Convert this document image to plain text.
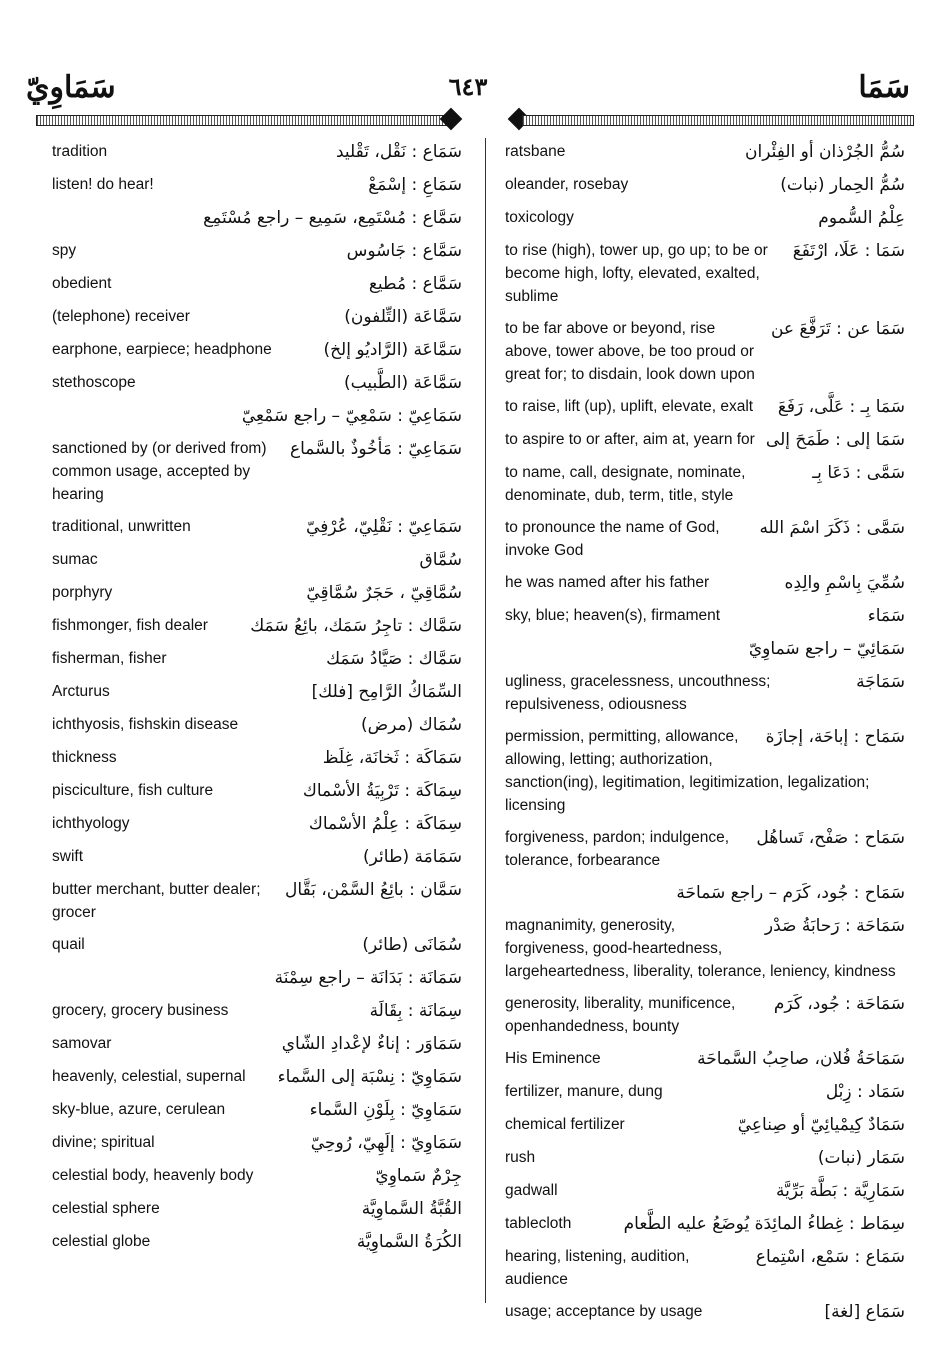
سَمَاوِيّ	٦٤٣	سَمَا
سَمَاع : نَقْل، تَقْليد
tradition
سَمَاعِ : إسْمَعْ
listen! do hear!
سَمَّاع : مُسْتَمِع، سَمِيع – راجع مُسْتَمِع
سَمَّاع : جَاسُوس
spy
سَمَّاع : مُطيع
obedient
سَمَّاعَة (التِّلفون)
(telephone) receiver
سَمَّاعَة (الرَّاديُو إلخ)
earphone, earpiece; headphone
سَمَّاعَة (الطَّبيب)
stethoscope
سَمَاعِيّ : سَمْعِيّ – راجع سَمْعِيّ
سَمَاعِيّ : مَأخُوذٌ بالسَّماع
sanctioned by (or derived from) common usage, accepted by hearing
سَمَاعِيّ : نَقْلِيّ، عُرْفِيّ
traditional, unwritten
سُمَّاق
sumac
سُمَّاقِيّ ، حَجَرٌ سُمَّاقِيّ
porphyry
سَمَّاك : تاجِرُ سَمَك، بائِعُ سَمَك
fishmonger, fish dealer
سَمَّاك : صَيَّادُ سَمَك
fisherman, fisher
السِّمَاكُ الرَّامِح [فلك]
Arcturus
سُمَاك (مرض)
ichthyosis, fishskin disease
سَمَاكَة : ثَخانَة، غِلَظ
thickness
سِمَاكَة : تَرْبِيَةُ الأسْماك
pisciculture, fish culture
سِمَاكَة : عِلْمُ الأسْماك
ichthyology
سَمَامَة (طائر)
swift
سَمَّان : بائِعُ السَّمْن، بَقَّال
butter merchant, butter dealer; grocer
سُمَانَى (طائر)
quail
سَمَانَة : بَدَانَة – راجع سِمْنَة
سِمَانَة : بِقَالَة
grocery, grocery business
سَمَاوَر : إناءٌ لإعْدادِ الشّاي
samovar
سَمَاوِيّ : نِسْبَة إلى السَّماء
heavenly, celestial, supernal
سَمَاوِيّ : بِلَوْنِ السَّماء
sky-blue, azure, cerulean
سَمَاوِيّ : إلَهِيّ، رُوحِيّ
divine; spiritual
جِرْمٌ سَماوِيّ
celestial body, heavenly body
القُبَّةُ السَّماوِيَّة
celestial sphere
الكُرَةُ السَّماوِيَّة
celestial globe
سُمُّ الجُرْذان أو الفِئْران
ratsbane
سُمُّ الحِمار (نبات)
oleander, rosebay
عِلْمُ السُّموم
toxicology
سَمَا : عَلَا، ارْتَفَعَ
to rise (high), tower up, go up; to be or become high, lofty, elevated, exalted, sublime
سَمَا عن : تَرَفَّعَ عن
to be far above or beyond, rise above, tower above, be too proud or great for; to disdain, look down upon
سَمَا بِـ : عَلَّى، رَفَعَ
to raise, lift (up), uplift, elevate, exalt
سَمَا إلى : طَمَحَ إلى
to aspire to or after, aim at, yearn for
سَمَّى : دَعَا بِـ
to name, call, designate, nominate, denominate, dub, term, title, style
سَمَّى : ذَكَرَ اسْمَ الله
to pronounce the name of God, invoke God
سُمِّيَ بِاسْمِ والِدِه
he was named after his father
سَمَاء
sky, blue; heaven(s), firmament
سَمَائِيّ – راجع سَماوِيّ
سَمَاجَة
ugliness, gracelessness, uncouthness; repulsiveness, odiousness
سَمَاح : إباحَة، إجازَة
permission, permitting, allowance, allowing, letting; authorization, sanction(ing), legitimation, legitimization, legalization; licensing
سَمَاح : صَفْح، تَساهُل
forgiveness, pardon; indulgence, tolerance, forbearance
سَمَاح : جُود، كَرَم – راجع سَماحَة
سَمَاحَة : رَحابَةُ صَدْر
magnanimity, generosity, forgiveness, good-heartedness, largeheartedness, liberality, tolerance, leniency, kindness
سَمَاحَة : جُود، كَرَم
generosity, liberality, munificence, openhandedness, bounty
سَمَاحَةُ فُلان، صاحِبُ السَّماحَة
His Eminence
سَمَاد : زِبْل
fertilizer, manure, dung
سَمَادٌ كِيمْيائِيّ أو صِناعِيّ
chemical fertilizer
سَمَار (نبات)
rush
سَمَارِيَّة : بَطَّة بَرِّيَّة
gadwall
سِمَاط : غِطاءُ المائِدَة يُوضَعُ عليه الطَّعام
tablecloth
سَمَاع : سَمْع، اسْتِماع
hearing, listening, audition, audience
سَمَاع [لغة]
usage; acceptance by usage
